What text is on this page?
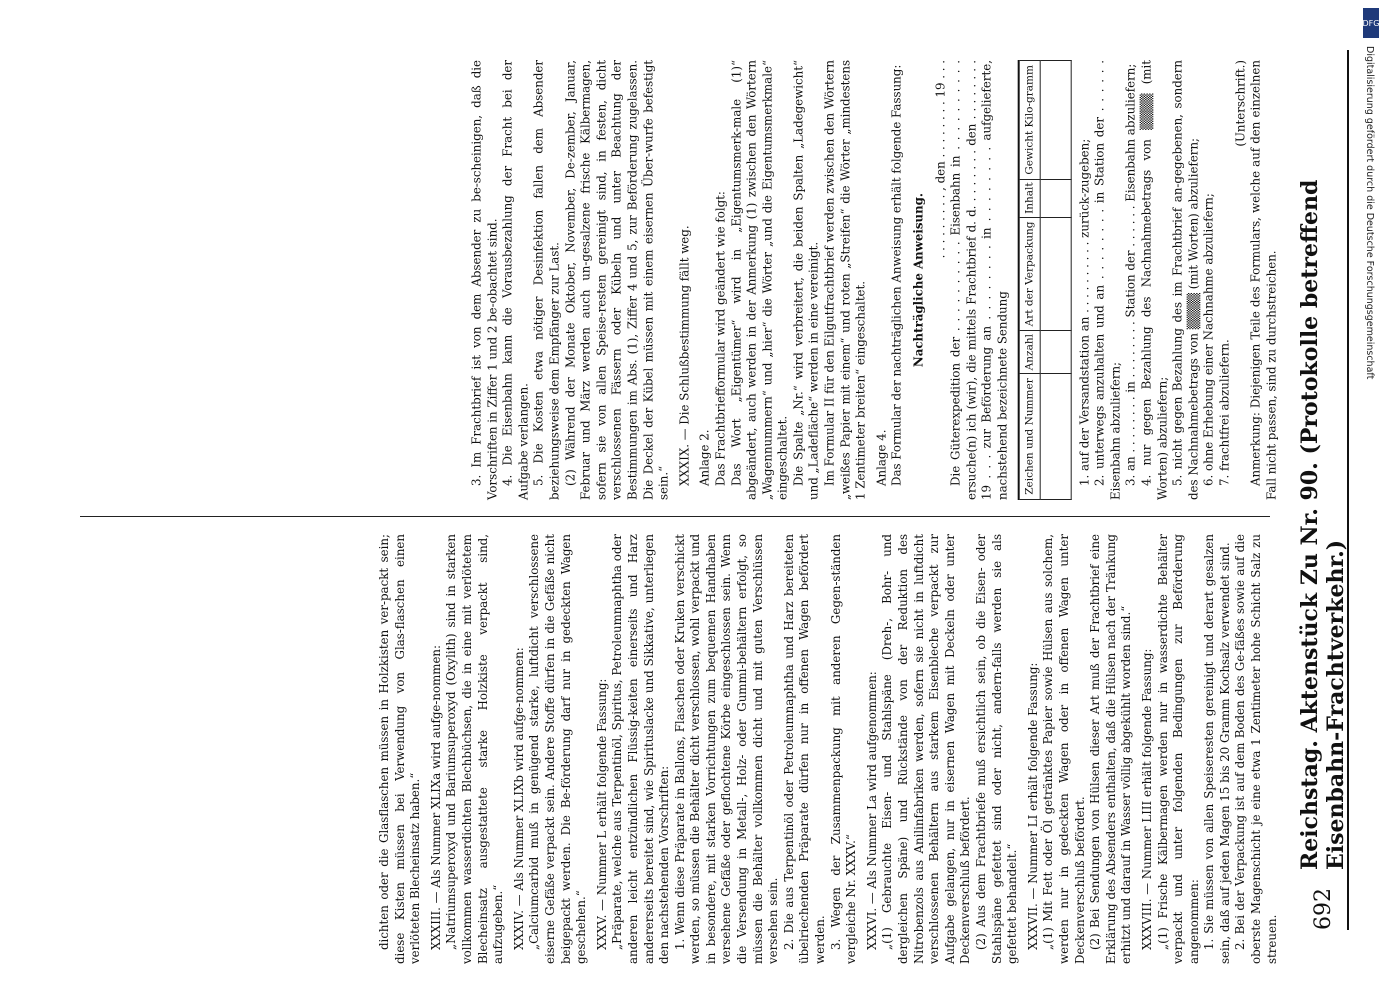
692
Reichstag. Aktenstück Zu Nr. 90. (Protokolle betreffend Eisenbahn-Frachtverkehr.)

dichten oder die Glasflaschen müssen in Holzkisten ver-packt sein; diese Kisten müssen bei Verwendung von Glas-flaschen einen verlöteten Blecheinsatz haben.“ XXXIII. — Als Nummer XLIXa wird aufge-nommen: „Natriumsuperoxyd und Bariumsuperoxyd (Oxylith) sind in starken vollkommen wasserdichten Blechbüchsen, die in eine mit verlötetem Blecheinsatz ausgestattete starke Holzkiste verpackt sind, aufzugeben.“ XXXIV. — Als Nummer XLIXb wird aufge-nommen: „Calciumcarbid muß in genügend starke, luftdicht verschlossene eiserne Gefäße verpackt sein. Andere Stoffe dürfen in die Gefäße nicht beigepackt werden. Die Be-förderung darf nur in gedeckten Wagen geschehen.“ XXXV. — Nummer L erhält folgende Fassung: „Präparate, welche aus Terpentinöl, Spiritus, Petroleumnaphtha oder anderen leicht entzündlichen Flüssig-keiten einerseits und Harz andererseits bereitet sind, wie Spirituslacke und Sikkative, unterliegen den nachstehenden Vorschriften: 1. Wenn diese Präparate in Ballons, Flaschen oder Kruken verschickt werden, so müssen die Behälter dicht verschlossen, wohl verpackt und in besondere, mit starken Vorrichtungen zum bequemen Handhaben versehene Gefäße oder geflochtene Körbe eingeschlossen sein. Wenn die Versendung in Metall-, Holz- oder Gummi-behältern erfolgt, so müssen die Behälter vollkommen dicht und mit guten Verschlüssen versehen sein. 2. Die aus Terpentinöl oder Petroleumnaphtha und Harz bereiteten übelriechenden Präparate dürfen nur in offenen Wagen befördert werden. 3. Wegen der Zusammenpackung mit anderen Gegen-ständen vergleiche Nr. XXXV.“ XXXVI. — Als Nummer La wird aufgenommen: „(1) Gebrauchte Eisen- und Stahlspäne (Dreh-, Bohr- und dergleichen Späne) und Rückstände von der Reduktion des Nitrobenzols aus Anilinfabriken werden, sofern sie nicht in luftdicht verschlossenen Behältern aus starkem Eisenbleche verpackt zur Aufgabe gelangen, nur in eisernen Wagen mit Deckeln oder unter Deckenverschluß befördert. (2) Aus dem Frachtbriefe muß ersichtlich sein, ob die Eisen- oder Stahlspäne gefettet sind oder nicht, andern-falls werden sie als gefettet behandelt.“ XXXVII. — Nummer LI erhält folgende Fassung: „(1) Mit Fett oder Öl getränktes Papier sowie Hülsen aus solchem, werden nur in gedeckten Wagen oder in offenen Wagen unter Deckenverschluß befördert. (2) Bei Sendungen von Hülsen dieser Art muß der Frachtbrief eine Erklärung des Absenders enthalten, daß die Hülsen nach der Tränkung erhitzt und darauf in Wasser völlig abgekühlt worden sind.“ XXXVIII. — Nummer LIII erhält folgende Fassung: „(1) Frische Kälbermagen werden nur in wasserdichte Behälter verpackt und unter folgenden Bedingungen zur Beförderung angenommen: 1. Sie müssen von allen Speiseresten gereinigt und derart gesalzen sein, daß auf jeden Magen 15 bis 20 Gramm Kochsalz verwendet sind. 2. Bei der Verpackung ist auf dem Boden des Ge-fäßes sowie auf die oberste Magenschicht je eine etwa 1 Zentimeter hohe Schicht Salz zu streuen.

3. Im Frachtbrief ist von dem Absender zu be-scheinigen, daß die Vorschriften in Ziffer 1 und 2 be-obachtet sind. 4. Die Eisenbahn kann die Vorausbezahlung der Fracht bei der Aufgabe verlangen. 5. Die Kosten etwa nötiger Desinfektion fallen dem Absender beziehungsweise dem Empfänger zur Last. (2) Während der Monate Oktober, November, De-zember, Januar, Februar und März werden auch un-gesalzene frische Kälbermagen, sofern sie von allen Speise-resten gereinigt sind, in festen, dicht verschlossenen Fässern oder Kübeln und unter Beachtung der Bestimmungen im Abs. (1), Ziffer 4 und 5, zur Beförderung zugelassen. Die Deckel der Kübel müssen mit einem eisernen Über-wurfe befestigt sein.“ XXXIX. — Die Schlußbestimmung fällt weg. Anlage 2. Das Frachtbriefformular wird geändert wie folgt: Das Wort „Eigentümer“ wird in „Eigentumsmerk-male (1)“ abgeändert, auch werden in der Anmerkung (1) zwischen den Wörtern „Wagennummern“ und „hier“ die Wörter „und die Eigentumsmerkmale“ eingeschaltet. Die Spalte „Nr.“ wird verbreitert, die beiden Spalten „Ladegewicht“ und „Ladefläche“ werden in eine vereinigt. Im Formular II für den Eilgutfrachtbrief werden zwischen den Wörtern „weißes Papier mit einem“ und roten „Streifen“ die Wörter „mindestens 1 Zentimeter breiten“ eingeschaltet. Anlage 4. Das Formular der nachträglichen Anweisung erhält folgende Fassung: Nachträgliche Anweisung.

. . . . . . . . . , den . . . . . . . . 19 . . . Die Güterexpedition der . . . . . . . . . . Eisenbahn in . . . . . . . . . . ersuche(n) ich (wir), die mittels Frachtbrief d. d. . . . . . . . den . . . . . . . . 19 . . . zur Beförderung an . . . . . . . . in . . . . . . . . aufgelieferte, nachstehend bezeichnete Sendung Zeichen und Nummer	Anzahl	Art der Verpackung	Inhalt	Gewicht Kilo-gramm

1. auf der Versandstation an . . . . . . . . . . zurück-zugeben; 2. unterwegs anzuhalten und an . . . . . . . . in Station der . . . . . . Eisenbahn abzuliefern; 3. an . . . . . . . . in . . . . . . . . Station der . . . . . . Eisenbahn abzuliefern; 4. nur gegen Bezahlung des Nachnahmebetrags von ▒▒▒▒ (mit Worten) abzuliefern; 5. nicht gegen Bezahlung des im Frachtbrief an-gegebenen, sondern des Nachnahmebetrags von ▒▒▒▒ (mit Worten) abzuliefern; 6. ohne Erhebung einer Nachnahme abzuliefern; 7. frachtfrei abzuliefern.

(Unterschrift.) Anmerkung: Diejenigen Teile des Formulars, welche auf den einzelnen Fall nicht passen, sind zu durchstreichen.

DFG
Digitalisierung gefördert durch die Deutsche Forschungsgemeinschaft
